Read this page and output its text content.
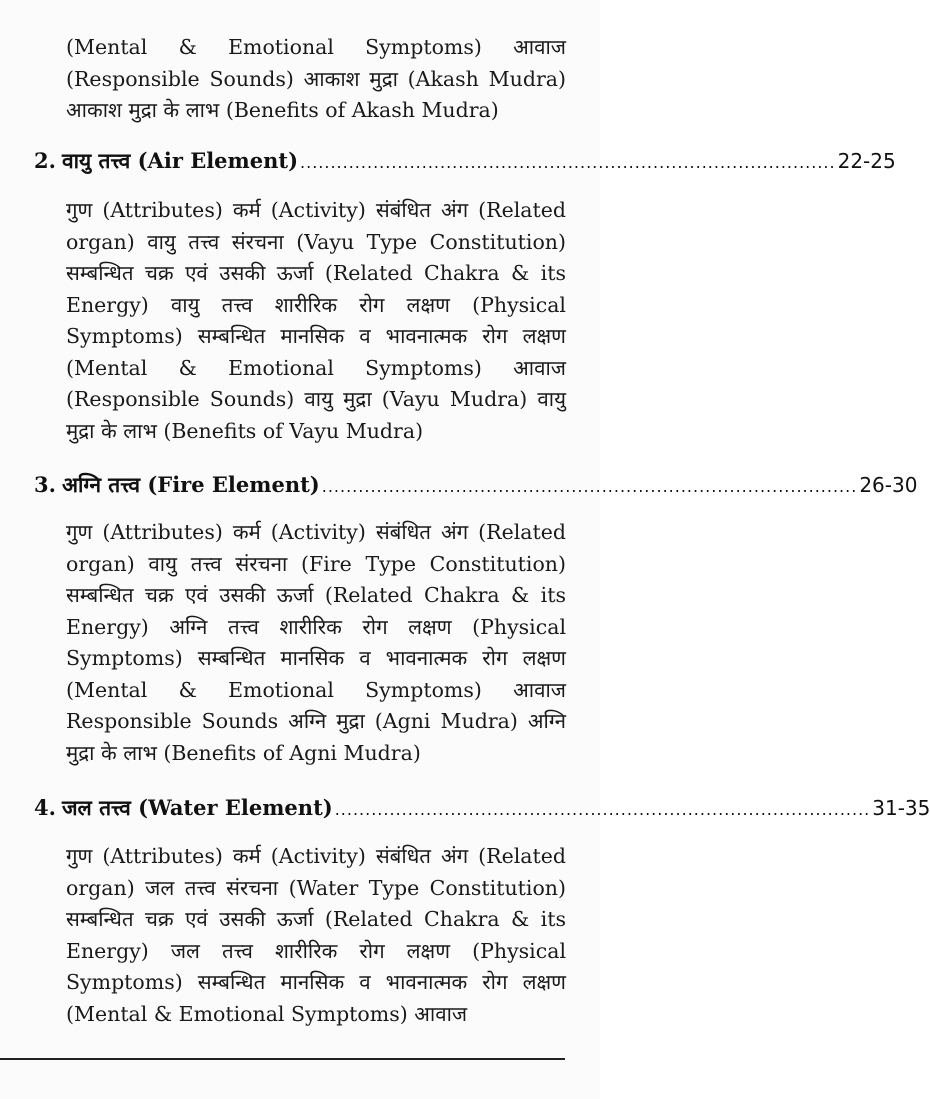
(Mental & Emotional Symptoms) आवाज (Responsible Sounds) आकाश मुद्रा (Akash Mudra) आकाश मुद्रा के लाभ (Benefits of Akash Mudra)
2. वायु तत्त्व (Air Element) ........................................................................................ 22-25
गुण (Attributes) कर्म (Activity) संबंधित अंग (Related organ) वायु तत्त्व संरचना (Vayu Type Constitution) सम्बन्धित चक्र एवं उसकी ऊर्जा (Related Chakra & its Energy) वायु तत्त्व शारीरिक रोग लक्षण (Physical Symptoms) सम्बन्धित मानसिक व भावनात्मक रोग लक्षण (Mental & Emotional Symptoms) आवाज (Responsible Sounds) वायु मुद्रा (Vayu Mudra) वायु मुद्रा के लाभ (Benefits of Vayu Mudra)
3. अग्नि तत्त्व (Fire Element) ........................................................................................ 26-30
गुण (Attributes) कर्म (Activity) संबंधित अंग (Related organ) वायु तत्त्व संरचना (Fire Type Constitution) सम्बन्धित चक्र एवं उसकी ऊर्जा (Related Chakra & its Energy) अग्नि तत्त्व शारीरिक रोग लक्षण (Physical Symptoms) सम्बन्धित मानसिक व भावनात्मक रोग लक्षण (Mental & Emotional Symptoms) आवाज Responsible Sounds अग्नि मुद्रा (Agni Mudra) अग्नि मुद्रा के लाभ (Benefits of Agni Mudra)
4. जल तत्त्व (Water Element) ........................................................................................ 31-35
गुण (Attributes) कर्म (Activity) संबंधित अंग (Related organ) जल तत्त्व संरचना (Water Type Constitution) सम्बन्धित चक्र एवं उसकी ऊर्जा (Related Chakra & its Energy) जल तत्त्व शारीरिक रोग लक्षण (Physical Symptoms) सम्बन्धित मानसिक व भावनात्मक रोग लक्षण (Mental & Emotional Symptoms) आवाज
